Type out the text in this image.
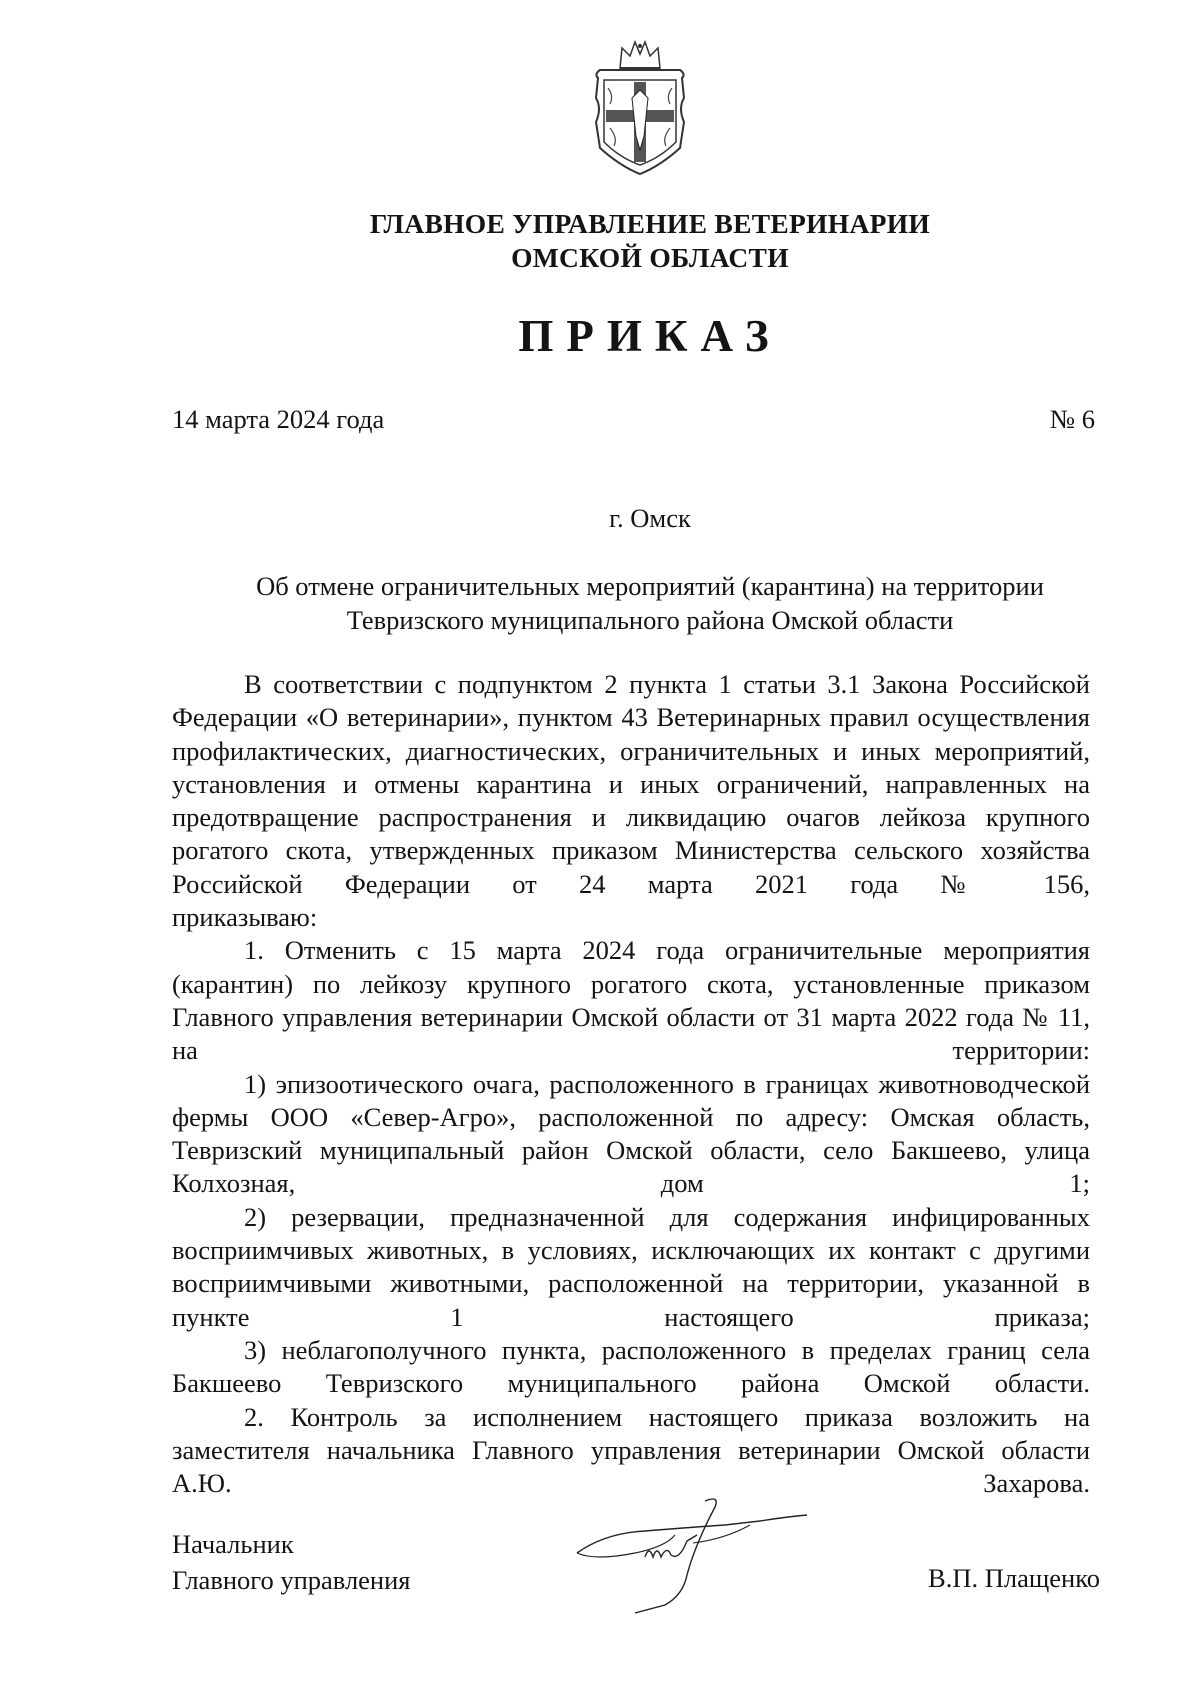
ГЛАВНОЕ УПРАВЛЕНИЕ ВЕТЕРИНАРИИ
ОМСКОЙ ОБЛАСТИ
ПРИКАЗ
14 марта 2024 года	№ 6
г. Омск
Об отмене ограничительных мероприятий (карантина) на территории
Тевризского муниципального района Омской области

В соответствии с подпунктом 2 пункта 1 статьи 3.1 Закона Российской Федерации «О ветеринарии», пунктом 43 Ветеринарных правил осуществления профилактических, диагностических, ограничительных и иных мероприятий, установления и отмены карантина и иных ограничений, направленных на предотвращение распространения и ликвидацию очагов лейкоза крупного рогатого скота, утвержденных приказом Министерства сельского хозяйства Российской Федерации от 24 марта 2021 года № 156,

приказываю:

1. Отменить с 15 марта 2024 года ограничительные мероприятия (карантин) по лейкозу крупного рогатого скота, установленные приказом Главного управления ветеринарии Омской области от 31 марта 2022 года № 11, на территории:

1) эпизоотического очага, расположенного в границах животноводческой фермы ООО «Север-Агро», расположенной по адресу: Омская область, Тевризский муниципальный район Омской области, село Бакшеево, улица Колхозная, дом 1;

2) резервации, предназначенной для содержания инфицированных восприимчивых животных, в условиях, исключающих их контакт с другими восприимчивыми животными, расположенной на территории, указанной в пункте 1 настоящего приказа;

3) неблагополучного пункта, расположенного в пределах границ села Бакшеево Тевризского муниципального района Омской области.

2. Контроль за исполнением настоящего приказа возложить на заместителя начальника Главного управления ветеринарии Омской области А.Ю. Захарова.

Начальник
Главного управления	В.П. Плащенко
